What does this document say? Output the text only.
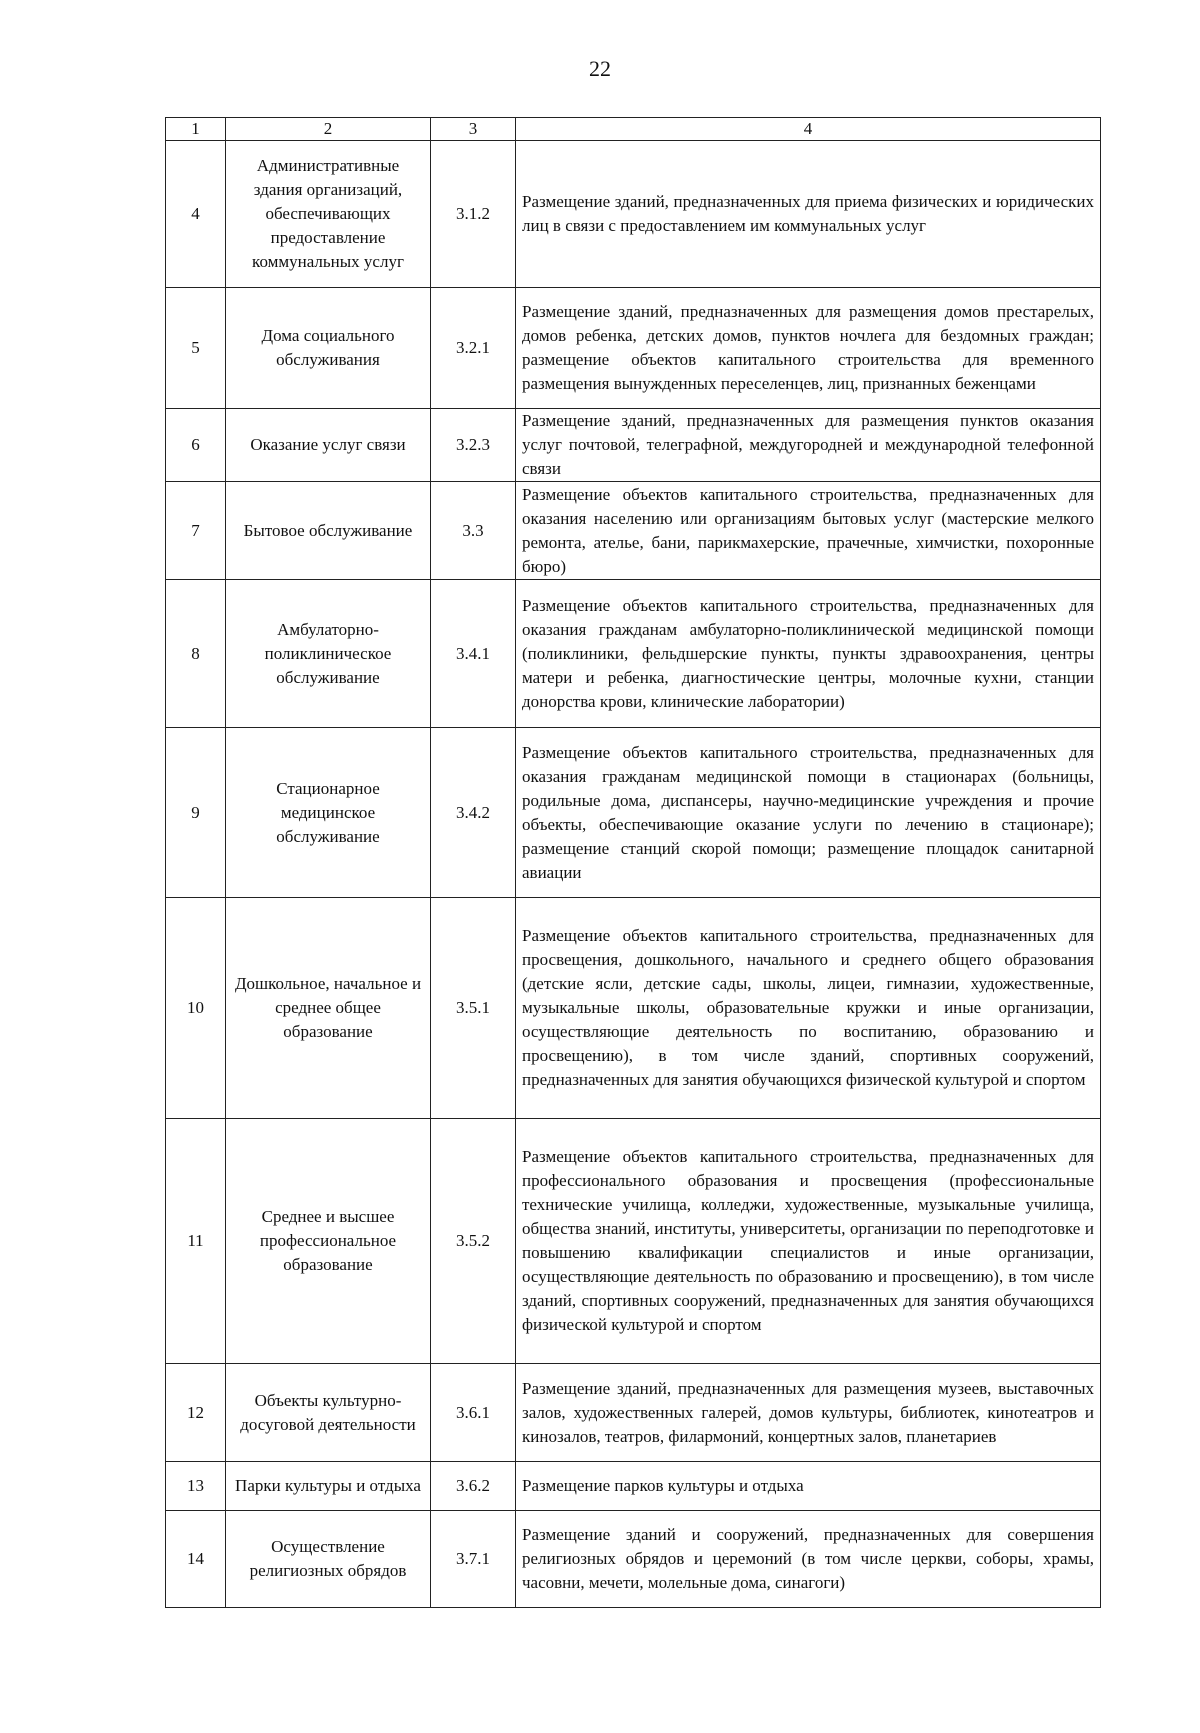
22
1	2	3	4
4	Административные здания организаций, обеспечивающих предоставление коммунальных услуг	3.1.2	Размещение зданий, предназначенных для приема физических и юридических лиц в связи с предоставлением им коммунальных услуг
5	Дома социального обслуживания	3.2.1	Размещение зданий, предназначенных для размещения домов престарелых, домов ребенка, детских домов, пунктов ночлега для бездомных граждан; размещение объектов капитального строительства для временного размещения вынужденных переселенцев, лиц, признанных беженцами
6	Оказание услуг связи	3.2.3	Размещение зданий, предназначенных для размещения пунктов оказания услуг почтовой, телеграфной, междугородней и международной телефонной связи
7	Бытовое обслуживание	3.3	Размещение объектов капитального строительства, предназначенных для оказания населению или организациям бытовых услуг (мастерские мелкого ремонта, ателье, бани, парикмахерские, прачечные, химчистки, похоронные бюро)
8	Амбулаторно-поликлиническое обслуживание	3.4.1	Размещение объектов капитального строительства, предназначенных для оказания гражданам амбулаторно-поликлинической медицинской помощи (поликлиники, фельдшерские пункты, пункты здравоохранения, центры матери и ребенка, диагностические центры, молочные кухни, станции донорства крови, клинические лаборатории)
9	Стационарное медицинское обслуживание	3.4.2	Размещение объектов капитального строительства, предназначенных для оказания гражданам медицинской помощи в стационарах (больницы, родильные дома, диспансеры, научно-медицинские учреждения и прочие объекты, обеспечивающие оказание услуги по лечению в стационаре); размещение станций скорой помощи; размещение площадок санитарной авиации
10	Дошкольное, начальное и среднее общее образование	3.5.1	Размещение объектов капитального строительства, предназначенных для просвещения, дошкольного, начального и среднего общего образования (детские ясли, детские сады, школы, лицеи, гимназии, художественные, музыкальные школы, образовательные кружки и иные организации, осуществляющие деятельность по воспитанию, образованию и просвещению), в том числе зданий, спортивных сооружений, предназначенных для занятия обучающихся физической культурой и спортом
11	Среднее и высшее профессиональное образование	3.5.2	Размещение объектов капитального строительства, предназначенных для профессионального образования и просвещения (профессиональные технические училища, колледжи, художественные, музыкальные училища, общества знаний, институты, университеты, организации по переподготовке и повышению квалификации специалистов и иные организации, осуществляющие деятельность по образованию и просвещению), в том числе зданий, спортивных сооружений, предназначенных для занятия обучающихся физической культурой и спортом
12	Объекты культурно-досуговой деятельности	3.6.1	Размещение зданий, предназначенных для размещения музеев, выставочных залов, художественных галерей, домов культуры, библиотек, кинотеатров и кинозалов, театров, филармоний, концертных залов, планетариев
13	Парки культуры и отдыха	3.6.2	Размещение парков культуры и отдыха
14	Осуществление религиозных обрядов	3.7.1	Размещение зданий и сооружений, предназначенных для совершения религиозных обрядов и церемоний (в том числе церкви, соборы, храмы, часовни, мечети, молельные дома, синагоги)
